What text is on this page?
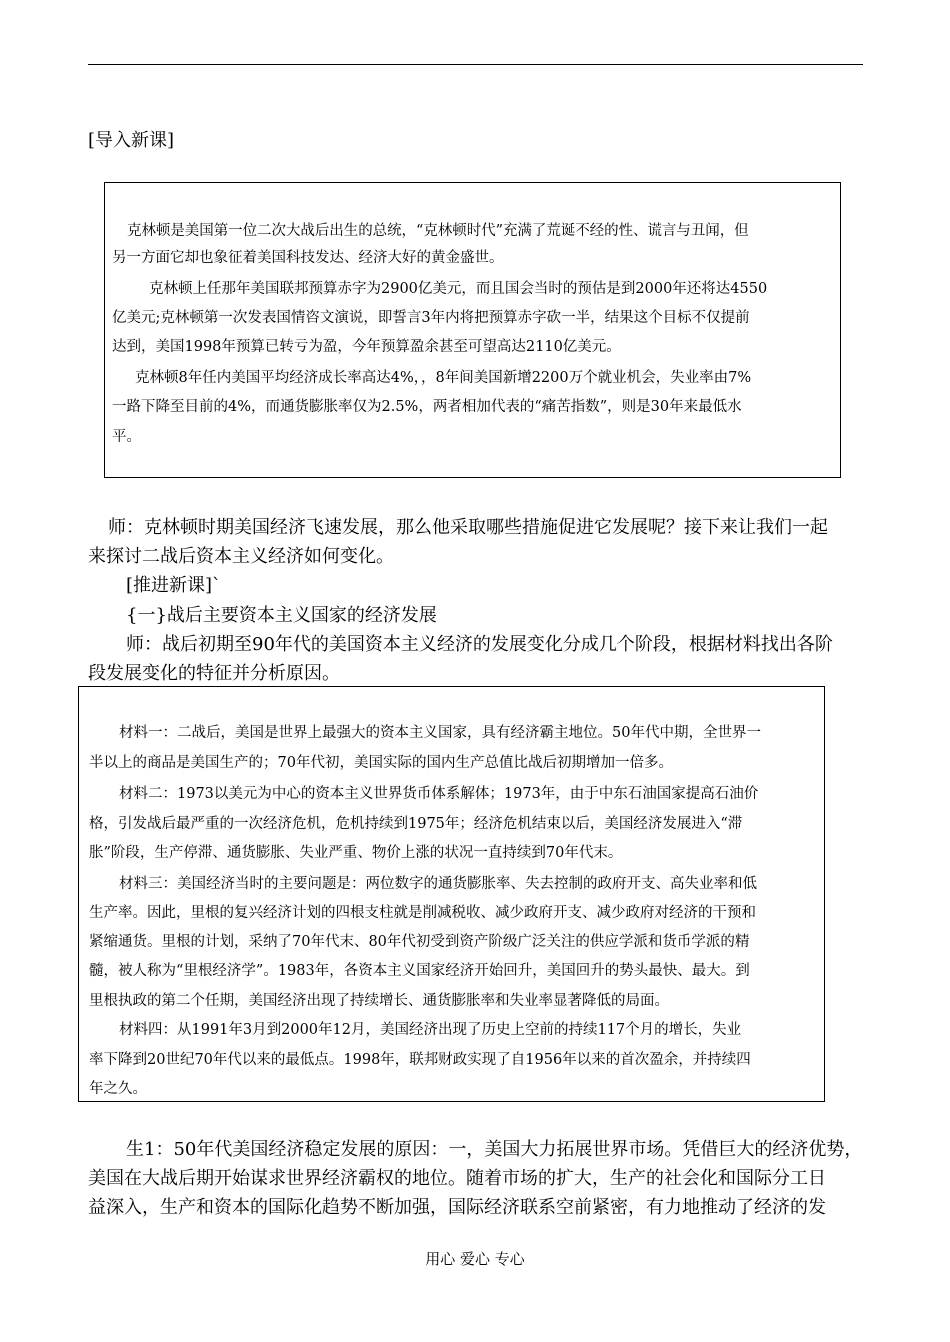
[导入新课]
克林顿是美国第一位二次大战后出生的总统，“克林顿时代”充满了荒诞不经的性、谎言与丑闻，但
另一方面它却也象征着美国科技发达、经济大好的黄金盛世。
克林顿上任那年美国联邦预算赤字为2900亿美元，而且国会当时的预估是到2000年还将达4550
亿美元;克林顿第一次发表国情咨文演说，即誓言3年内将把预算赤字砍一半，结果这个目标不仅提前
达到，美国1998年预算已转亏为盈，今年预算盈余甚至可望高达2110亿美元。
克林顿8年任内美国平均经济成长率高达4%，，8年间美国新增2200万个就业机会，失业率由7%
一路下降至目前的4%，而通货膨胀率仅为2.5%，两者相加代表的“痛苦指数”，则是30年来最低水
平。
师：克林顿时期美国经济飞速发展，那么他采取哪些措施促进它发展呢？接下来让我们一起
来探讨二战后资本主义经济如何变化。
[推进新课]`
{一}战后主要资本主义国家的经济发展
师：战后初期至90年代的美国资本主义经济的发展变化分成几个阶段，根据材料找出各阶
段发展变化的特征并分析原因。
材料一：二战后，美国是世界上最强大的资本主义国家，具有经济霸主地位。50年代中期，全世界一
半以上的商品是美国生产的；70年代初，美国实际的国内生产总值比战后初期增加一倍多。
材料二：1973以美元为中心的资本主义世界货币体系解体；1973年，由于中东石油国家提高石油价
格，引发战后最严重的一次经济危机，危机持续到1975年；经济危机结束以后，美国经济发展进入“滞
胀”阶段，生产停滞、通货膨胀、失业严重、物价上涨的状况一直持续到70年代末。
材料三：美国经济当时的主要问题是：两位数字的通货膨胀率、失去控制的政府开支、高失业率和低
生产率。因此，里根的复兴经济计划的四根支柱就是削减税收、减少政府开支、减少政府对经济的干预和
紧缩通货。里根的计划，采纳了70年代末、80年代初受到资产阶级广泛关注的供应学派和货币学派的精
髓，被人称为“里根经济学”。1983年，各资本主义国家经济开始回升，美国回升的势头最快、最大。到
里根执政的第二个任期，美国经济出现了持续增长、通货膨胀率和失业率显著降低的局面。
材料四：从1991年3月到2000年12月，美国经济出现了历史上空前的持续117个月的增长，失业
率下降到20世纪70年代以来的最低点。1998年，联邦财政实现了自1956年以来的首次盈余，并持续四
年之久。
生1：50年代美国经济稳定发展的原因：一，美国大力拓展世界市场。凭借巨大的经济优势，
美国在大战后期开始谋求世界经济霸权的地位。随着市场的扩大，生产的社会化和国际分工日
益深入，生产和资本的国际化趋势不断加强，国际经济联系空前紧密，有力地推动了经济的发
用心 爱心 专心
